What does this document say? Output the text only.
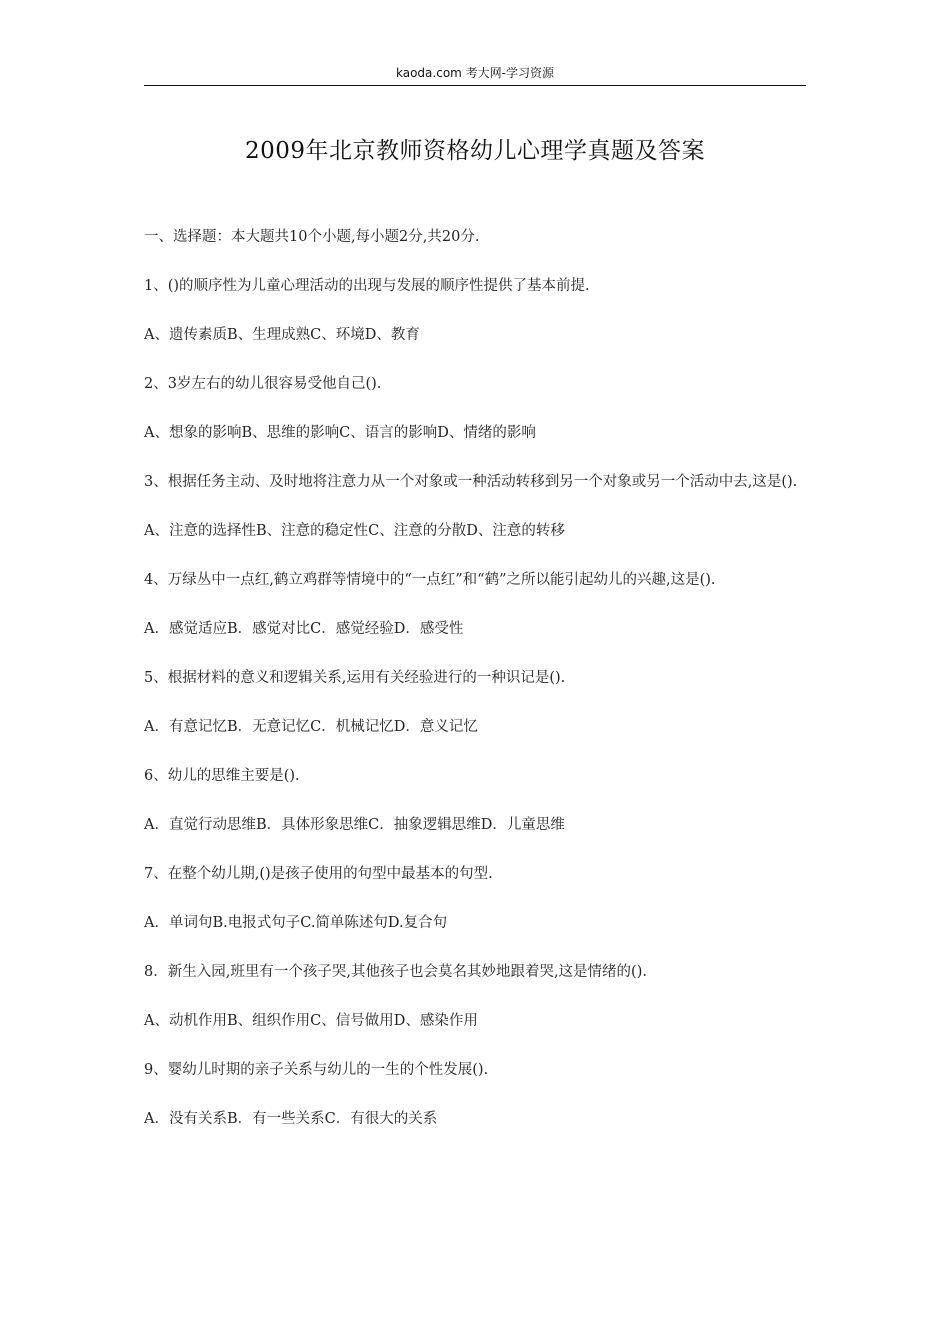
kaoda.com 考大网-学习资源
2009年北京教师资格幼儿心理学真题及答案

一、选择题：本大题共10个小题,每小题2分,共20分.

1、()的顺序性为儿童心理活动的出现与发展的顺序性提供了基本前提.

A、遗传素质B、生理成熟C、环境D、教育

2、3岁左右的幼儿很容易受他自己().

A、想象的影响B、思维的影响C、语言的影响D、情绪的影响

3、根据任务主动、及时地将注意力从一个对象或一种活动转移到另一个对象或另一个活动中去,这是().

A、注意的选择性B、注意的稳定性C、注意的分散D、注意的转移

4、万绿丛中一点红,鹤立鸡群等情境中的“一点红”和“鹤”之所以能引起幼儿的兴趣,这是().

A．感觉适应B．感觉对比C．感觉经验D．感受性

5、根据材料的意义和逻辑关系,运用有关经验进行的一种识记是().

A．有意记忆B．无意记忆C．机械记忆D．意义记忆

6、幼儿的思维主要是().

A．直觉行动思维B．具体形象思维C．抽象逻辑思维D．儿童思维

7、在整个幼儿期,()是孩子使用的句型中最基本的句型.

A．单词句B.电报式句子C.简单陈述句D.复合句

8．新生入园,班里有一个孩子哭,其他孩子也会莫名其妙地跟着哭,这是情绪的().

A、动机作用B、组织作用C、信号做用D、感染作用

9、婴幼儿时期的亲子关系与幼儿的一生的个性发展().

A．没有关系B．有一些关系C．有很大的关系
